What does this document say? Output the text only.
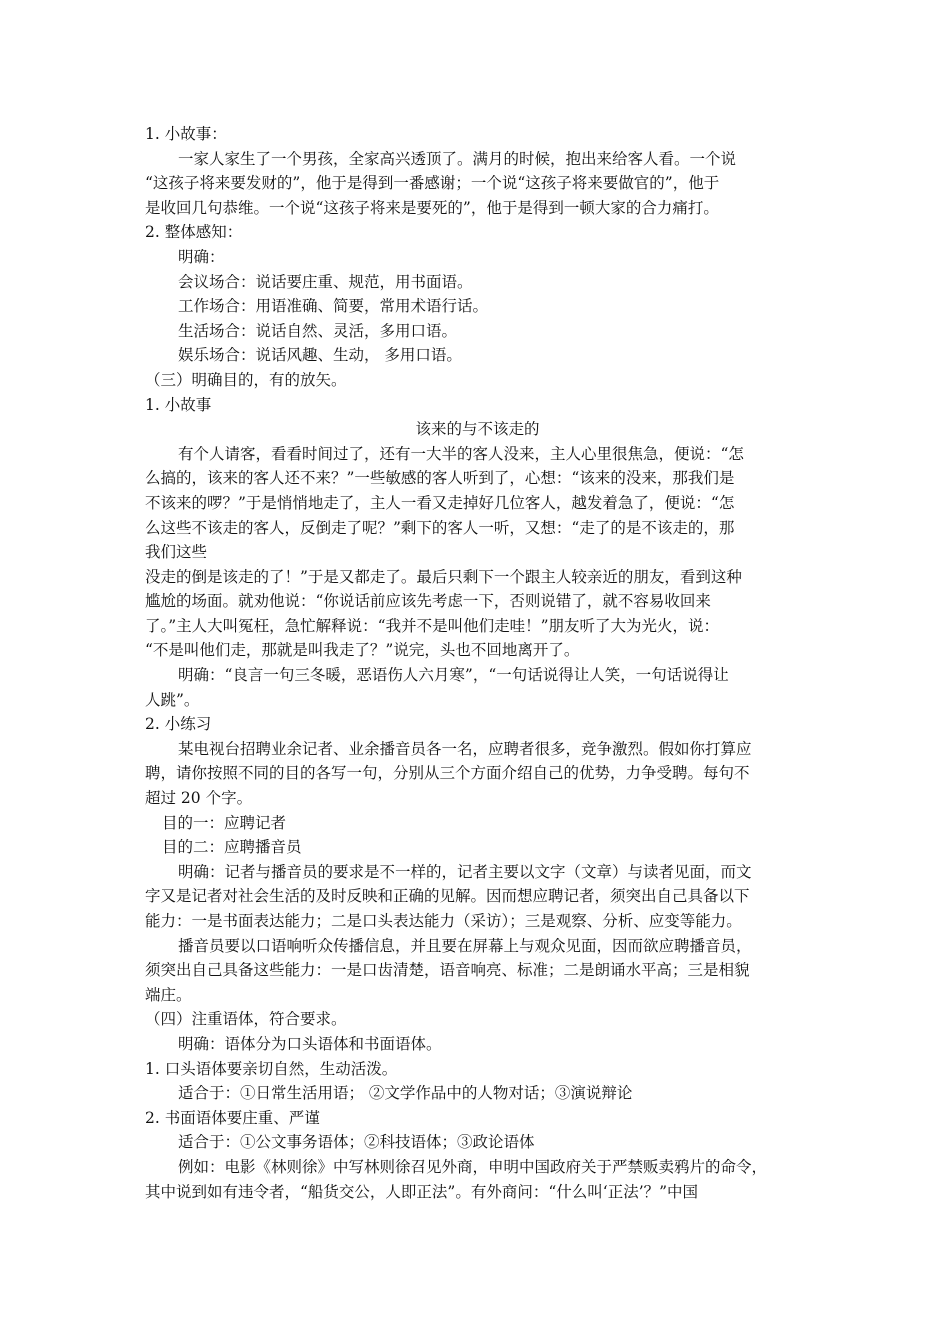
1. 小故事：
一家人家生了一个男孩，全家高兴透顶了。满月的时候，抱出来给客人看。一个说
“这孩子将来要发财的”，他于是得到一番感谢；一个说“这孩子将来要做官的”，他于
是收回几句恭维。一个说“这孩子将来是要死的”，他于是得到一顿大家的合力痛打。
2. 整体感知：
明确：
会议场合：说话要庄重、规范，用书面语。
工作场合：用语准确、简要，常用术语行话。
生活场合：说话自然、灵活，多用口语。
娱乐场合：说话风趣、生动， 多用口语。
（三）明确目的，有的放矢。
1. 小故事
该来的与不该走的
有个人请客，看看时间过了，还有一大半的客人没来，主人心里很焦急，便说：“怎
么搞的，该来的客人还不来？”一些敏感的客人听到了，心想：“该来的没来，那我们是
不该来的啰？”于是悄悄地走了，主人一看又走掉好几位客人，越发着急了，便说：“怎
么这些不该走的客人，反倒走了呢？”剩下的客人一听，又想：“走了的是不该走的，那
我们这些
没走的倒是该走的了！”于是又都走了。最后只剩下一个跟主人较亲近的朋友，看到这种
尴尬的场面。就劝他说：“你说话前应该先考虑一下，否则说错了，就不容易收回来
了。”主人大叫冤枉，急忙解释说：“我并不是叫他们走哇！”朋友听了大为光火，说：
“不是叫他们走，那就是叫我走了？”说完，头也不回地离开了。
明确：“良言一句三冬暖，恶语伤人六月寒”，“一句话说得让人笑，一句话说得让
人跳”。
2. 小练习
某电视台招聘业余记者、业余播音员各一名，应聘者很多，竞争激烈。假如你打算应
聘，请你按照不同的目的各写一句，分别从三个方面介绍自己的优势，力争受聘。每句不
超过 20 个字。
目的一：应聘记者
目的二：应聘播音员
明确：记者与播音员的要求是不一样的，记者主要以文字（文章）与读者见面，而文
字又是记者对社会生活的及时反映和正确的见解。因而想应聘记者，须突出自己具备以下
能力：一是书面表达能力；二是口头表达能力（采访）；三是观察、分析、应变等能力。
播音员要以口语响听众传播信息，并且要在屏幕上与观众见面，因而欲应聘播音员，
须突出自己具备这些能力：一是口齿清楚，语音响亮、标准；二是朗诵水平高；三是相貌
端庄。
（四）注重语体，符合要求。
明确：语体分为口头语体和书面语体。
1. 口头语体要亲切自然，生动活泼。
适合于：①日常生活用语； ②文学作品中的人物对话；③演说辩论
2. 书面语体要庄重、严谨
适合于：①公文事务语体；②科技语体；③政论语体
例如：电影《林则徐》中写林则徐召见外商，申明中国政府关于严禁贩卖鸦片的命令，
其中说到如有违令者，“船货交公，人即正法”。有外商问：“什么叫‘正法’？”中国
